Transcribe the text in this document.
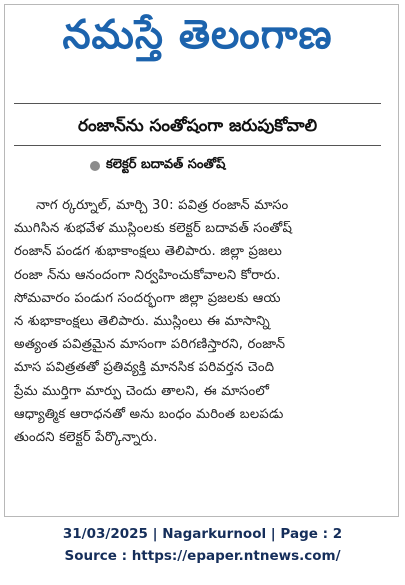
నమస్తే తెలంగాణ
రంజాన్‌ను సంతోషంగా జరుపుకోవాలి
కలెక్టర్ బదావత్ సంతోష్
నాగ ర్కర్నూల్, మార్చి 30: పవిత్ర రంజాన్ మాసం
ముగిసిన శుభవేళ ముస్లింలకు కలెక్టర్ బదావత్ సంతోష్
రంజాన్ పండగ శుభాకాంక్షలు తెలిపారు. జిల్లా ప్రజలు
రంజా న్‌ను ఆనందంగా నిర్వహించుకోవాలని కోరారు.
సోమవారం పండుగ సందర్భంగా జిల్లా ప్రజలకు ఆయ
న శుభాకాంక్షలు తెలిపారు. ముస్లింలు ఈ మాసాన్ని
అత్యంత పవిత్రమైన మాసంగా పరిగణిస్తారని, రంజాన్
మాస పవిత్రతతో ప్రతివ్యక్తి మానసిక పరివర్తన చెంది
ప్రేమ ముర్తిగా మార్పు చెందు తాలని, ఈ మాసంలో
ఆధ్యాత్మిక ఆరాధనతో అను బంధం మరింత బలపడు
తుందని కలెక్టర్ పేర్కొన్నారు.
31/03/2025 | Nagarkurnool | Page : 2
Source : https://epaper.ntnews.com/
